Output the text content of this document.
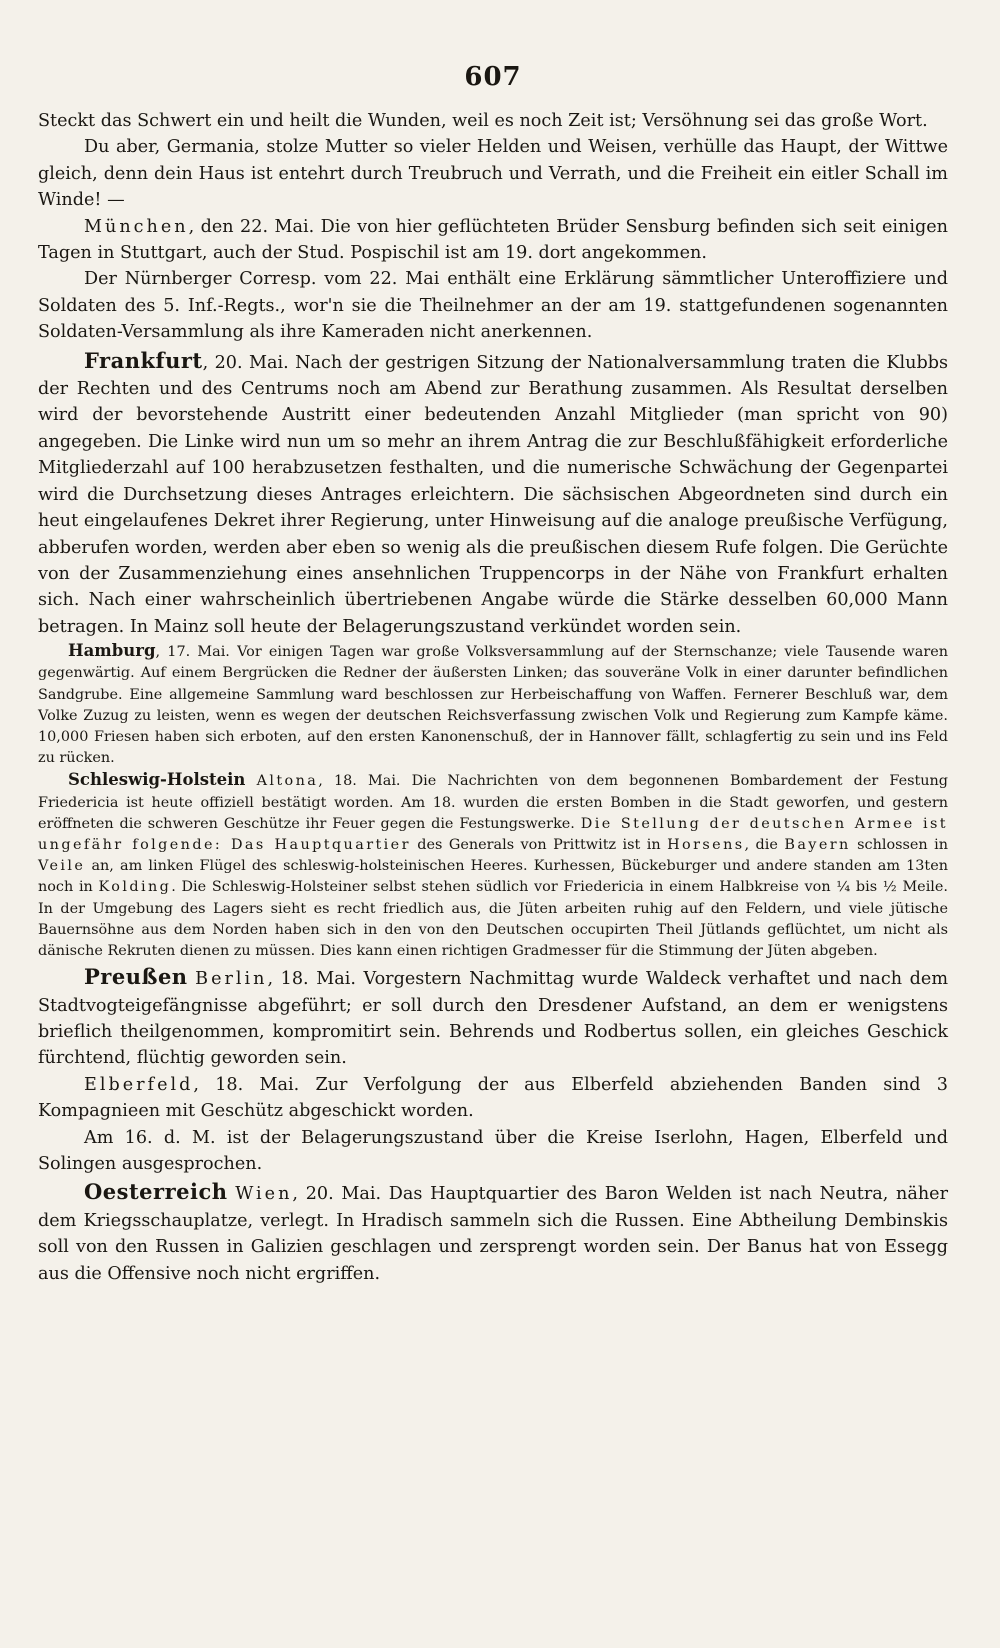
607

Steckt das Schwert ein und heilt die Wunden, weil es noch Zeit ist; Versöhnung sei das große Wort.

Du aber, Germania, stolze Mutter so vieler Helden und Weisen, verhülle das Haupt, der Wittwe gleich, denn dein Haus ist entehrt durch Treubruch und Verrath, und die Freiheit ein eitler Schall im Winde! —

München, den 22. Mai. Die von hier geflüchteten Brüder Sensburg befinden sich seit einigen Tagen in Stuttgart, auch der Stud. Pospischil ist am 19. dort angekommen.

Der Nürnberger Corresp. vom 22. Mai enthält eine Erklärung sämmtlicher Unteroffiziere und Soldaten des 5. Inf.-Regts., wor'n sie die Theilnehmer an der am 19. stattgefundenen sogenannten Soldaten-Versammlung als ihre Kameraden nicht anerkennen.

Frankfurt, 20. Mai. Nach der gestrigen Sitzung der Nationalversammlung traten die Klubbs der Rechten und des Centrums noch am Abend zur Berathung zusammen. Als Resultat derselben wird der bevorstehende Austritt einer bedeutenden Anzahl Mitglieder (man spricht von 90) angegeben. Die Linke wird nun um so mehr an ihrem Antrag die zur Beschlußfähigkeit erforderliche Mitgliederzahl auf 100 herabzusetzen festhalten, und die numerische Schwächung der Gegenpartei wird die Durchsetzung dieses Antrages erleichtern. Die sächsischen Abgeordneten sind durch ein heut eingelaufenes Dekret ihrer Regierung, unter Hinweisung auf die analoge preußische Verfügung, abberufen worden, werden aber eben so wenig als die preußischen diesem Rufe folgen. Die Gerüchte von der Zusammenziehung eines ansehnlichen Truppencorps in der Nähe von Frankfurt erhalten sich. Nach einer wahrscheinlich übertriebenen Angabe würde die Stärke desselben 60,000 Mann betragen. In Mainz soll heute der Belagerungszustand verkündet worden sein.

Hamburg, 17. Mai. Vor einigen Tagen war große Volksversammlung auf der Sternschanze; viele Tausende waren gegenwärtig. Auf einem Bergrücken die Redner der äußersten Linken; das souveräne Volk in einer darunter befindlichen Sandgrube. Eine allgemeine Sammlung ward beschlossen zur Herbeischaffung von Waffen. Fernerer Beschluß war, dem Volke Zuzug zu leisten, wenn es wegen der deutschen Reichsverfassung zwischen Volk und Regierung zum Kampfe käme. 10,000 Friesen haben sich erboten, auf den ersten Kanonenschuß, der in Hannover fällt, schlagfertig zu sein und ins Feld zu rücken.

Schleswig-Holstein Altona, 18. Mai. Die Nachrichten von dem begonnenen Bombardement der Festung Friedericia ist heute offiziell bestätigt worden. Am 18. wurden die ersten Bomben in die Stadt geworfen, und gestern eröffneten die schweren Geschütze ihr Feuer gegen die Festungswerke. Die Stellung der deutschen Armee ist ungefähr folgende: Das Hauptquartier des Generals von Prittwitz ist in Horsens, die Bayern schlossen in Veile an, am linken Flügel des schleswig-holsteinischen Heeres. Kurhessen, Bückeburger und andere standen am 13ten noch in Kolding. Die Schleswig-Holsteiner selbst stehen südlich vor Friedericia in einem Halbkreise von ¼ bis ½ Meile. In der Umgebung des Lagers sieht es recht friedlich aus, die Jüten arbeiten ruhig auf den Feldern, und viele jütische Bauernsöhne aus dem Norden haben sich in den von den Deutschen occupirten Theil Jütlands geflüchtet, um nicht als dänische Rekruten dienen zu müssen. Dies kann einen richtigen Gradmesser für die Stimmung der Jüten abgeben.

Preußen Berlin, 18. Mai. Vorgestern Nachmittag wurde Waldeck verhaftet und nach dem Stadtvogteigefängnisse abgeführt; er soll durch den Dresdener Aufstand, an dem er wenigstens brieflich theilgenommen, kompromitirt sein. Behrends und Rodbertus sollen, ein gleiches Geschick fürchtend, flüchtig geworden sein.

Elberfeld, 18. Mai. Zur Verfolgung der aus Elberfeld abziehenden Banden sind 3 Kompagnieen mit Geschütz abgeschickt worden.

Am 16. d. M. ist der Belagerungszustand über die Kreise Iserlohn, Hagen, Elberfeld und Solingen ausgesprochen.

Oesterreich Wien, 20. Mai. Das Hauptquartier des Baron Welden ist nach Neutra, näher dem Kriegsschauplatze, verlegt. In Hradisch sammeln sich die Russen. Eine Abtheilung Dembinskis soll von den Russen in Galizien geschlagen und zersprengt worden sein. Der Banus hat von Essegg aus die Offensive noch nicht ergriffen.
